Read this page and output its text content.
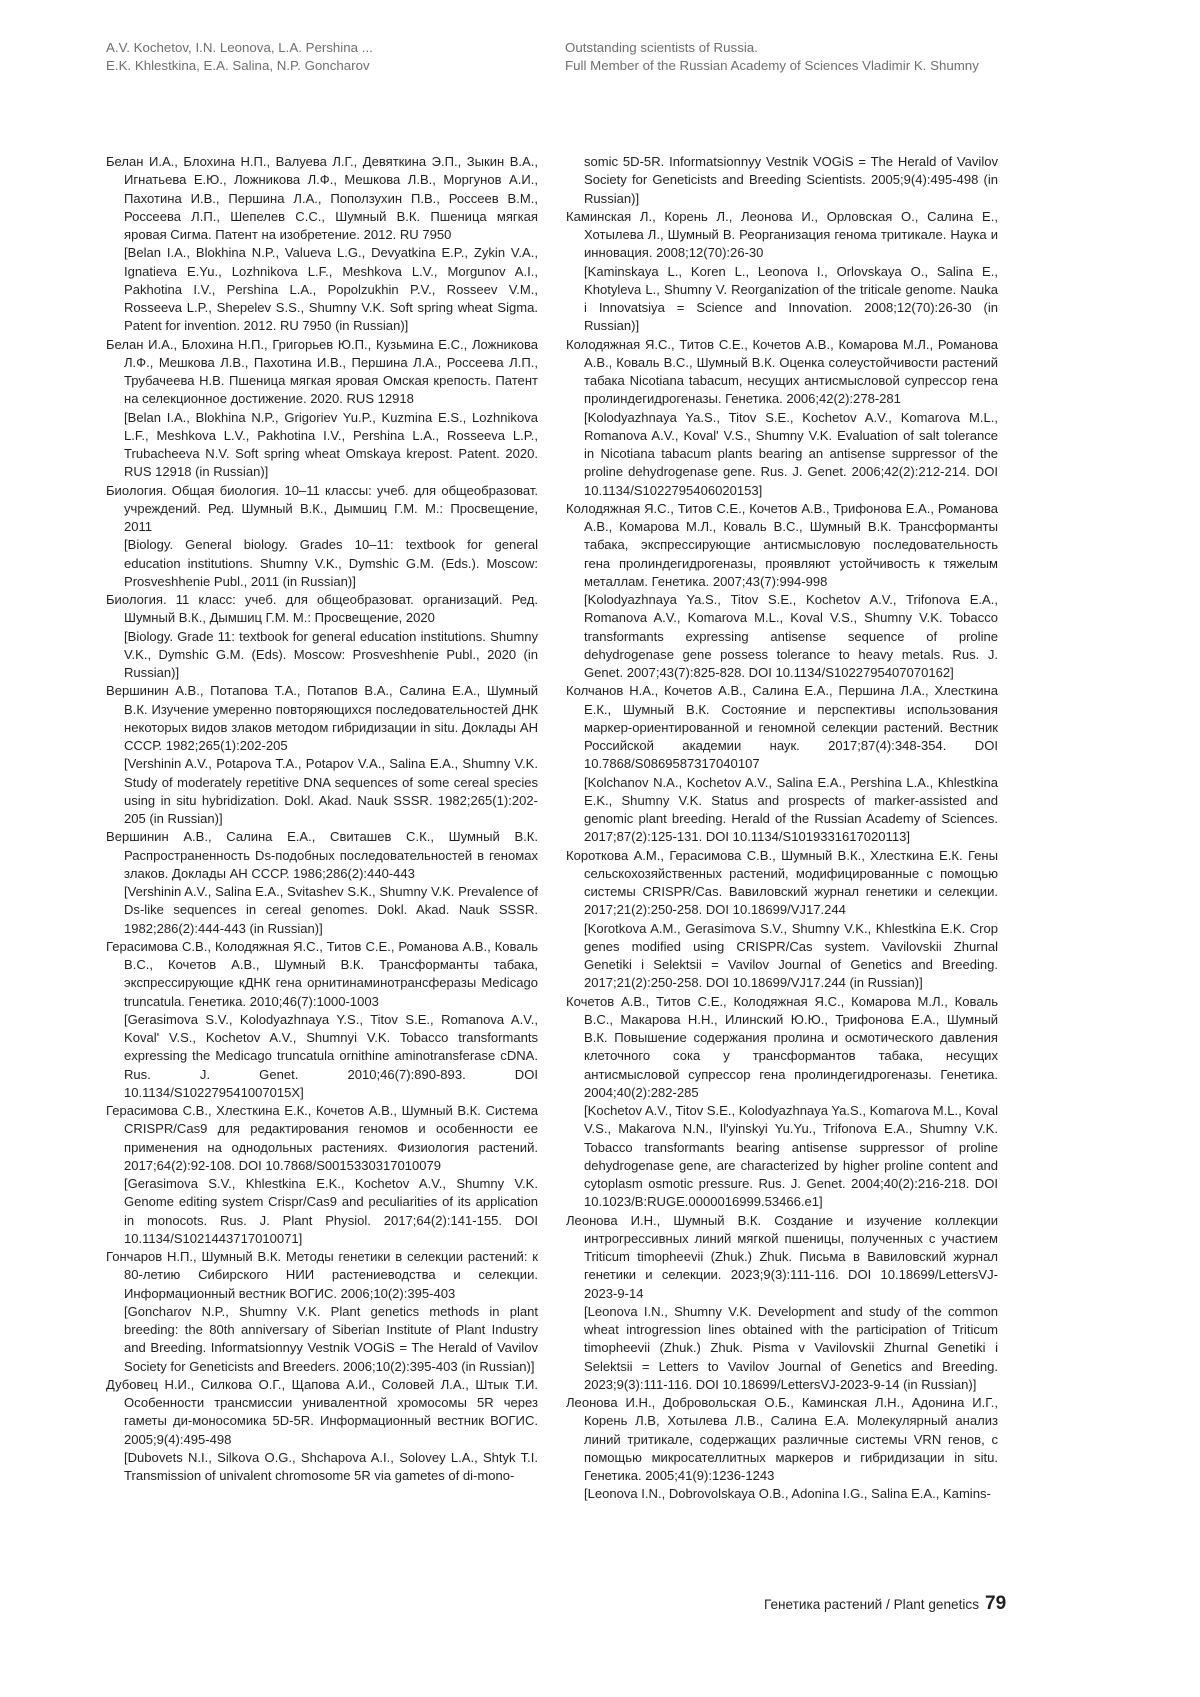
A.V. Kochetov, I.N. Leonova, L.A. Pershina ...
E.K. Khlestkina, E.A. Salina, N.P. Goncharov
Outstanding scientists of Russia.
Full Member of the Russian Academy of Sciences Vladimir K. Shumny
Белан И.А., Блохина Н.П., Валуева Л.Г., Девяткина Э.П., Зыкин В.А., Игнатьева Е.Ю., Ложникова Л.Ф., Мешкова Л.В., Моргунов А.И., Пахотина И.В., Першина Л.А., Поползухин П.В., Россеев В.М., Россеева Л.П., Шепелев С.С., Шумный В.К. Пшеница мягкая яровая Сигма. Патент на изобретение. 2012. RU 7950
[Belan I.A., Blokhina N.P., Valueva L.G., Devyatkina E.P., Zykin V.A., Ignatieva E.Yu., Lozhnikova L.F., Meshkova L.V., Morgunov A.I., Pakhotina I.V., Pershina L.A., Popolzukhin P.V., Rosseev V.M., Rosseeva L.P., Shepelev S.S., Shumny V.K. Soft spring wheat Sigma. Patent for invention. 2012. RU 7950 (in Russian)]
Белан И.А., Блохина Н.П., Григорьев Ю.П., Кузьмина Е.С., Ложникова Л.Ф., Мешкова Л.В., Пахотина И.В., Першина Л.А., Россеева Л.П., Трубачеева Н.В. Пшеница мягкая яровая Омская крепость. Патент на селекционное достижение. 2020. RUS 12918
[Belan I.A., Blokhina N.P., Grigoriev Yu.P., Kuzmina E.S., Lozhnikova L.F., Meshkova L.V., Pakhotina I.V., Pershina L.A., Rosseeva L.P., Trubacheeva N.V. Soft spring wheat Omskaya krepost. Patent. 2020. RUS 12918 (in Russian)]
Биология. Общая биология. 10–11 классы: учеб. для общеобразоват. учреждений. Ред. Шумный В.К., Дымшиц Г.М. М.: Просвещение, 2011
[Biology. General biology. Grades 10–11: textbook for general education institutions. Shumny V.K., Dymshic G.M. (Eds.). Moscow: Prosveshhenie Publ., 2011 (in Russian)]
Биология. 11 класс: учеб. для общеобразоват. организаций. Ред. Шумный В.К., Дымшиц Г.М. М.: Просвещение, 2020
[Biology. Grade 11: textbook for general education institutions. Shumny V.K., Dymshic G.M. (Eds). Moscow: Prosveshhenie Publ., 2020 (in Russian)]
Вершинин А.В., Потапова Т.А., Потапов В.А., Салина Е.А., Шумный В.К. Изучение умеренно повторяющихся последовательностей ДНК некоторых видов злаков методом гибридизации in situ. Доклады АН СССР. 1982;265(1):202-205
[Vershinin A.V., Potapova T.A., Potapov V.A., Salina E.A., Shumny V.K. Study of moderately repetitive DNA sequences of some cereal species using in situ hybridization. Dokl. Akad. Nauk SSSR. 1982;265(1):202-205 (in Russian)]
Вершинин А.В., Салина Е.А., Свиташев С.К., Шумный В.К. Распространенность Ds-подобных последовательностей в геномах злаков. Доклады АН СССР. 1986;286(2):440-443
[Vershinin A.V., Salina E.A., Svitashev S.K., Shumny V.K. Prevalence of Ds-like sequences in cereal genomes. Dokl. Akad. Nauk SSSR. 1982;286(2):444-443 (in Russian)]
Герасимова С.В., Колодяжная Я.С., Титов С.Е., Романова А.В., Коваль В.С., Кочетов А.В., Шумный В.К. Трансформанты табака, экспрессирующие кДНК гена орнитинаминотрансферазы Medicago truncatula. Генетика. 2010;46(7):1000-1003
[Gerasimova S.V., Kolodyazhnaya Y.S., Titov S.E., Romanova A.V., Koval' V.S., Kochetov A.V., Shumnyi V.K. Tobacco transformants expressing the Medicago truncatula ornithine aminotransferase cDNA. Rus. J. Genet. 2010;46(7):890-893. DOI 10.1134/S102279541007015X]
Герасимова С.В., Хлесткина Е.К., Кочетов А.В., Шумный В.К. Система CRISPR/Cas9 для редактирования геномов и особенности ее применения на однодольных растениях. Физиология растений. 2017;64(2):92-108. DOI 10.7868/S0015330317010079
[Gerasimova S.V., Khlestkina E.K., Kochetov A.V., Shumny V.K. Genome editing system Crispr/Cas9 and peculiarities of its application in monocots. Rus. J. Plant Physiol. 2017;64(2):141-155. DOI 10.1134/S1021443717010071]
Гончаров Н.П., Шумный В.К. Методы генетики в селекции растений: к 80-летию Сибирского НИИ растениеводства и селекции. Информационный вестник ВОГИС. 2006;10(2):395-403
[Goncharov N.P., Shumny V.K. Plant genetics methods in plant breeding: the 80th anniversary of Siberian Institute of Plant Industry and Breeding. Informatsionnyy Vestnik VOGiS = The Herald of Vavilov Society for Geneticists and Breeders. 2006;10(2):395-403 (in Russian)]
Дубовец Н.И., Силкова О.Г., Щапова А.И., Соловей Л.А., Штык Т.И. Особенности трансмиссии унивалентной хромосомы 5R через гаметы ди-моносомика 5D-5R. Информационный вестник ВОГИС. 2005;9(4):495-498
[Dubovets N.I., Silkova O.G., Shchapova A.I., Solovey L.A., Shtyk T.I. Transmission of univalent chromosome 5R via gametes of di-mono-
somic 5D-5R. Informatsionnyy Vestnik VOGiS = The Herald of Vavilov Society for Geneticists and Breeding Scientists. 2005;9(4):495-498 (in Russian)]
Каминская Л., Корень Л., Леонова И., Орловская О., Салина Е., Хотылева Л., Шумный В. Реорганизация генома тритикале. Наука и инновация. 2008;12(70):26-30
[Kaminskaya L., Koren L., Leonova I., Orlovskaya O., Salina E., Khotyleva L., Shumny V. Reorganization of the triticale genome. Nauka i Innovatsiya = Science and Innovation. 2008;12(70):26-30 (in Russian)]
Колодяжная Я.С., Титов С.Е., Кочетов А.В., Комарова М.Л., Романова А.В., Коваль В.С., Шумный В.К. Оценка солеустойчивости растений табака Nicotiana tabacum, несущих антисмысловой супрессор гена пролиндегидрогеназы. Генетика. 2006;42(2):278-281
[Kolodyazhnaya Ya.S., Titov S.E., Kochetov A.V., Komarova M.L., Romanova A.V., Koval' V.S., Shumny V.K. Evaluation of salt tolerance in Nicotiana tabacum plants bearing an antisense suppressor of the proline dehydrogenase gene. Rus. J. Genet. 2006;42(2):212-214. DOI 10.1134/S1022795406020153]
Колодяжная Я.С., Титов С.Е., Кочетов А.В., Трифонова Е.А., Романова А.В., Комарова М.Л., Коваль В.С., Шумный В.К. Трансформанты табака, экспрессирующие антисмысловую последовательность гена пролиндегидрогеназы, проявляют устойчивость к тяжелым металлам. Генетика. 2007;43(7):994-998
[Kolodyazhnaya Ya.S., Titov S.E., Kochetov A.V., Trifonova E.A., Romanova A.V., Komarova M.L., Koval V.S., Shumny V.K. Tobacco transformants expressing antisense sequence of proline dehydrogenase gene possess tolerance to heavy metals. Rus. J. Genet. 2007;43(7):825-828. DOI 10.1134/S1022795407070162]
Колчанов Н.А., Кочетов А.В., Салина Е.А., Першина Л.А., Хлесткина Е.К., Шумный В.К. Состояние и перспективы использования маркер-ориентированной и геномной селекции растений. Вестник Российской академии наук. 2017;87(4):348-354. DOI 10.7868/S0869587317040107
[Kolchanov N.A., Kochetov A.V., Salina E.A., Pershina L.A., Khlestkina E.K., Shumny V.K. Status and prospects of marker-assisted and genomic plant breeding. Herald of the Russian Academy of Sciences. 2017;87(2):125-131. DOI 10.1134/S1019331617020113]
Короткова А.М., Герасимова С.В., Шумный В.К., Хлесткина Е.К. Гены сельскохозяйственных растений, модифицированные с помощью системы CRISPR/Cas. Вавиловский журнал генетики и селекции. 2017;21(2):250-258. DOI 10.18699/VJ17.244
[Korotkova A.M., Gerasimova S.V., Shumny V.K., Khlestkina E.K. Crop genes modified using CRISPR/Cas system. Vavilovskii Zhurnal Genetiki i Selektsii = Vavilov Journal of Genetics and Breeding. 2017;21(2):250-258. DOI 10.18699/VJ17.244 (in Russian)]
Кочетов А.В., Титов С.Е., Колодяжная Я.С., Комарова М.Л., Коваль В.С., Макарова Н.Н., Илинский Ю.Ю., Трифонова Е.А., Шумный В.К. Повышение содержания пролина и осмотического давления клеточного сока у трансформантов табака, несущих антисмысловой супрессор гена пролиндегидрогеназы. Генетика. 2004;40(2):282-285
[Kochetov A.V., Titov S.E., Kolodyazhnaya Ya.S., Komarova M.L., Koval V.S., Makarova N.N., Il'yinskyi Yu.Yu., Trifonova E.A., Shumny V.K. Tobacco transformants bearing antisense suppressor of proline dehydrogenase gene, are characterized by higher proline content and cytoplasm osmotic pressure. Rus. J. Genet. 2004;40(2):216-218. DOI 10.1023/B:RUGE.0000016999.53466.e1]
Леонова И.Н., Шумный В.К. Создание и изучение коллекции интрогрессивных линий мягкой пшеницы, полученных с участием Triticum timopheevii (Zhuk.) Zhuk. Письма в Вавиловский журнал генетики и селекции. 2023;9(3):111-116. DOI 10.18699/LettersVJ-2023-9-14
[Leonova I.N., Shumny V.K. Development and study of the common wheat introgression lines obtained with the participation of Triticum timopheevii (Zhuk.) Zhuk. Pisma v Vavilovskii Zhurnal Genetiki i Selektsii = Letters to Vavilov Journal of Genetics and Breeding. 2023;9(3):111-116. DOI 10.18699/LettersVJ-2023-9-14 (in Russian)]
Леонова И.Н., Добровольская О.Б., Каминская Л.Н., Адонина И.Г., Корень Л.В, Хотылева Л.В., Салина Е.А. Молекулярный анализ линий тритикале, содержащих различные системы VRN генов, с помощью микросателлитных маркеров и гибридизации in situ. Генетика. 2005;41(9):1236-1243
[Leonova I.N., Dobrovolskaya O.B., Adonina I.G., Salina E.A., Kamins-
Генетика растений / Plant genetics 79
